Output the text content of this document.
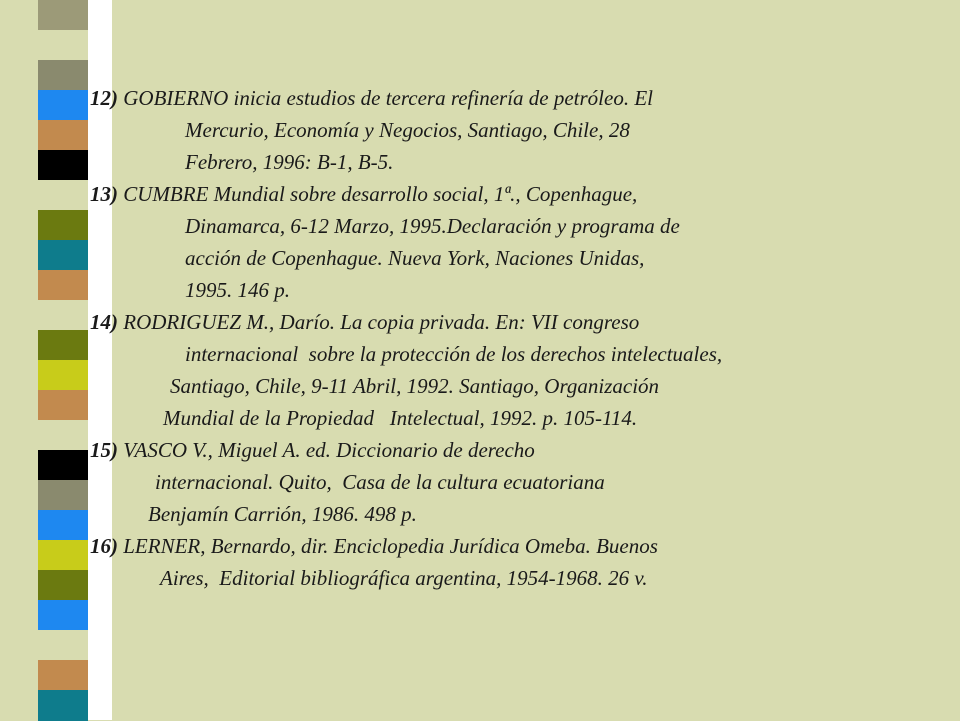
12) GOBIERNO inicia estudios de tercera refinería de petróleo. El
Mercurio, Economía y Negocios, Santiago, Chile, 28
Febrero, 1996: B-1, B-5.
13) CUMBRE Mundial sobre desarrollo social, 1ª., Copenhague,
Dinamarca, 6-12 Marzo, 1995.Declaración y programa de
acción de Copenhague. Nueva York, Naciones Unidas,
1995. 146 p.
14) RODRIGUEZ M., Darío. La copia privada. En: VII congreso
internacional  sobre la protección de los derechos intelectuales,
Santiago, Chile, 9-11 Abril, 1992. Santiago, Organización
Mundial de la Propiedad   Intelectual, 1992. p. 105-114.
15) VASCO V., Miguel A. ed. Diccionario de derecho
internacional. Quito,  Casa de la cultura ecuatoriana
Benjamín Carrión, 1986. 498 p.
16) LERNER, Bernardo, dir. Enciclopedia Jurídica Omeba. Buenos
Aires,  Editorial bibliográfica argentina, 1954-1968. 26 v.
